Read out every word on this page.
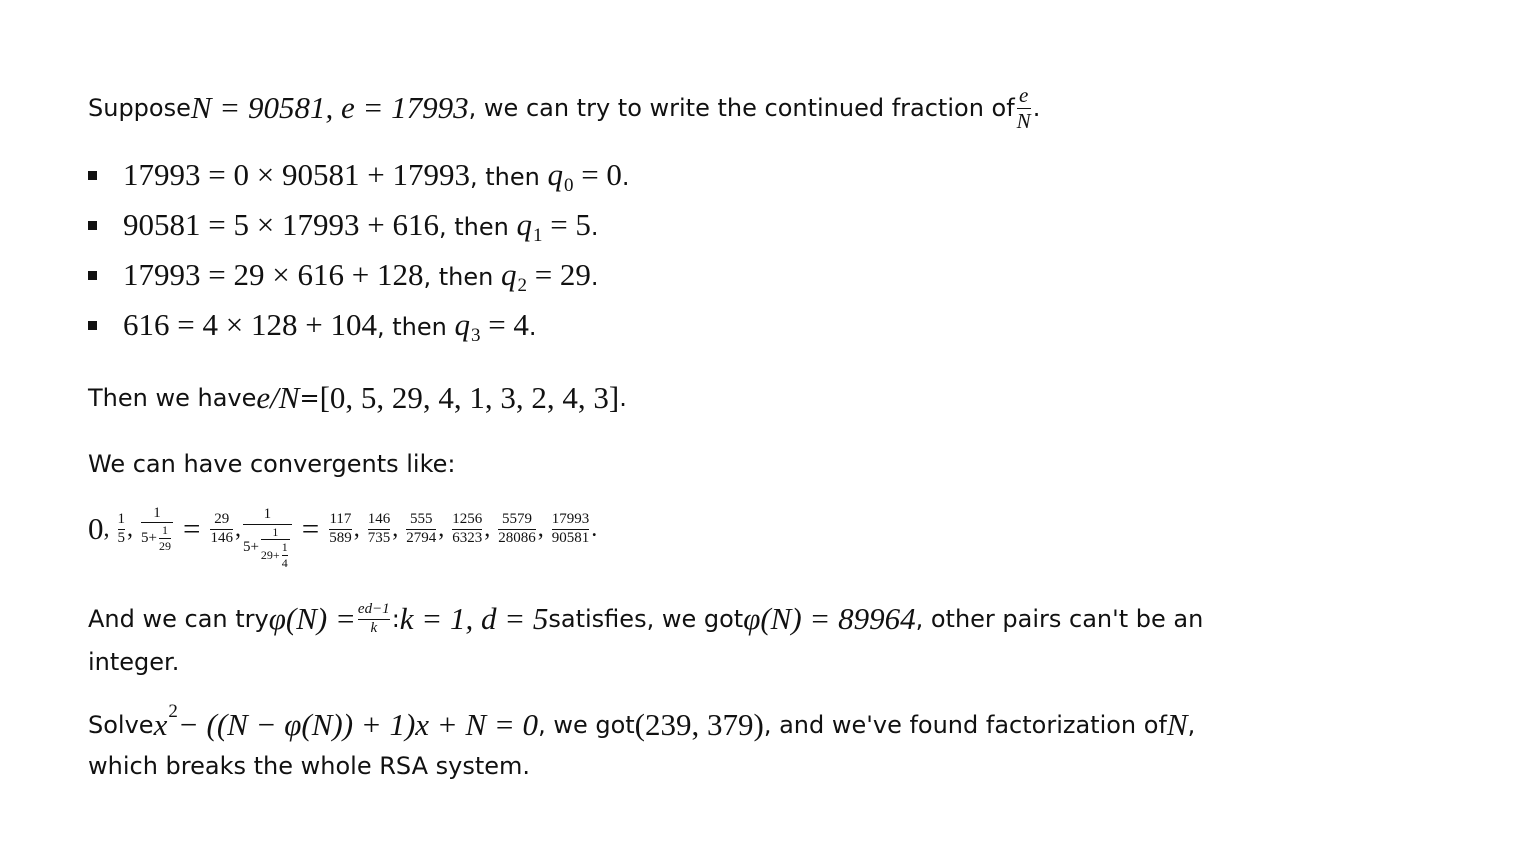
Suppose N = 90581, e = 17993 , we can try to write the continued fraction of $\frac{e}{N}$ .
17993 = 0 × 90581 + 17993, then $q_0 = 0$.
90581 = 5 × 17993 + 616, then $q_1 = 5$.
17993 = 29 × 616 + 128, then $q_2 = 29$.
616 = 4 × 128 + 104, then $q_3 = 4$.
Then we have e/N = [0, 5, 29, 4, 1, 3, 2, 4, 3] .
We can have convergents like:
0 , $\frac{1}{5}$ , $\frac{1}{5+ \frac{1}{29}} = \frac{29}{146}$ ,
1
5+
1
$29+ \frac{1}{4}$
= $\frac{117}{589}$ , $\frac{146}{735}$ , $\frac{555}{2794}$ , $\frac{1256}{6323}$ , $\frac{5579}{28086}$ , $\frac{17993}{90581}$ .
And we can try $\varphi(N) = \frac{ed-1}{k}$ : k = 1, d = 5 satisfies, we got φ(N) = 89964 , other pairs can't be an
integer.
Solve x 2 − ((N − φ(N)) + 1)x + N = 0 , we got (239, 379) , and we've found factorization of N ,
which breaks the whole RSA system.
